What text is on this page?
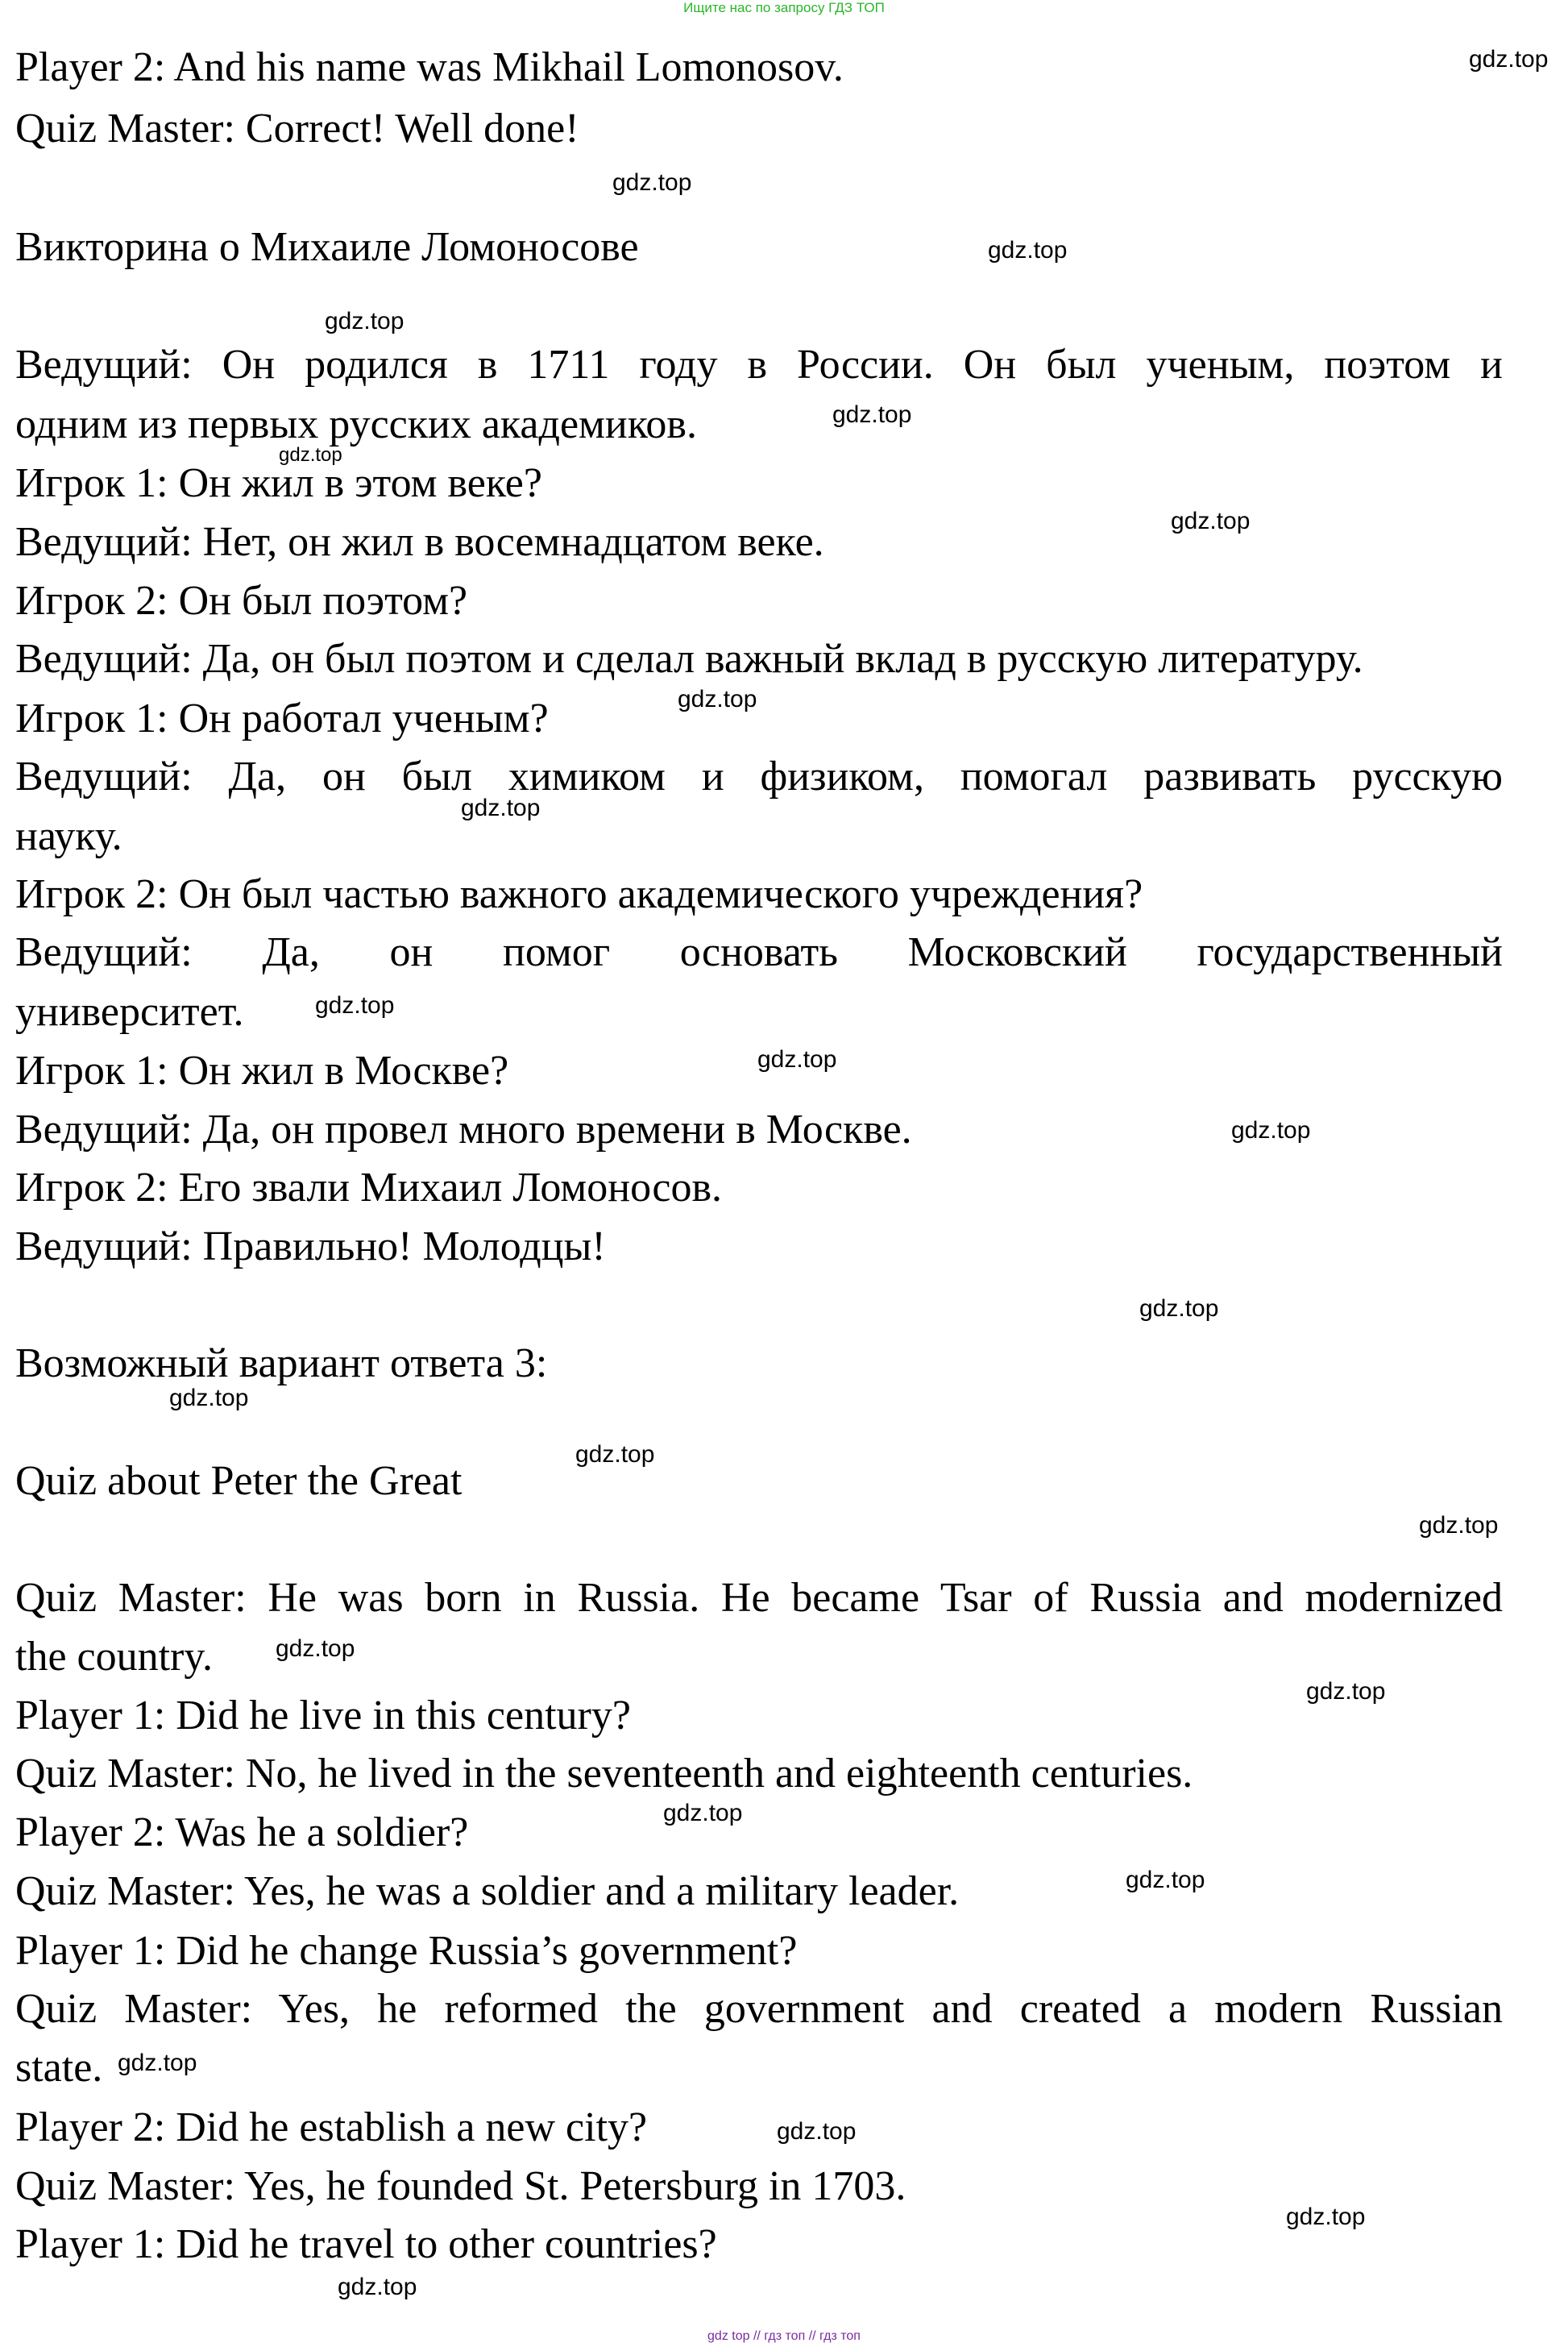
Ищите нас по запросу ГДЗ ТОП
Player 2: And his name was Mikhail Lomonosov.
Quiz Master: Correct! Well done!
Викторина о Михаиле Ломоносове
Ведущий: Он родился в 1711 году в России. Он был ученым, поэтом и
одним из первых русских академиков.
Игрок 1: Он жил в этом веке?
Ведущий: Нет, он жил в восемнадцатом веке.
Игрок 2: Он был поэтом?
Ведущий: Да, он был поэтом и сделал важный вклад в русскую литературу.
Игрок 1: Он работал ученым?
Ведущий: Да, он был химиком и физиком, помогал развивать русскую
науку.
Игрок 2: Он был частью важного академического учреждения?
Ведущий: Да, он помог основать Московский государственный
университет.
Игрок 1: Он жил в Москве?
Ведущий: Да, он провел много времени в Москве.
Игрок 2: Его звали Михаил Ломоносов.
Ведущий: Правильно! Молодцы!
Возможный вариант ответа 3:
Quiz about Peter the Great
Quiz Master: He was born in Russia. He became Tsar of Russia and modernized
the country.
Player 1: Did he live in this century?
Quiz Master: No, he lived in the seventeenth and eighteenth centuries.
Player 2: Was he a soldier?
Quiz Master: Yes, he was a soldier and a military leader.
Player 1: Did he change Russia’s government?
Quiz Master: Yes, he reformed the government and created a modern Russian
state.
Player 2: Did he establish a new city?
Quiz Master: Yes, he founded St. Petersburg in 1703.
Player 1: Did he travel to other countries?
gdz.top
gdz.top
gdz.top
gdz.top
gdz.top
gdz.top
gdz.top
gdz.top
gdz.top
gdz.top
gdz.top
gdz.top
gdz.top
gdz.top
gdz.top
gdz.top
gdz.top
gdz.top
gdz.top
gdz.top
gdz.top
gdz.top
gdz.top
gdz.top
gdz top // гдз топ // гдз топ
